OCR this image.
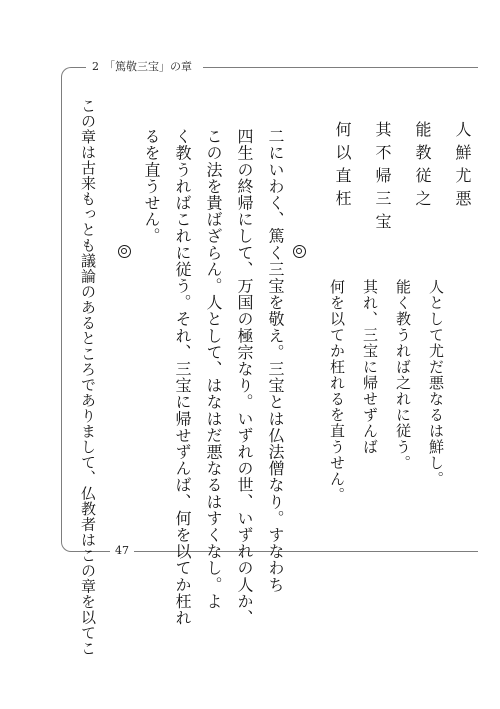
2 「篤敬三宝」の章
人鮮尤悪
能教従之
其不帰三宝
何以直枉
人として尤だ悪なるは鮮し。
能く教うれば之れに従う。
其れ、三宝に帰せずんば
何を以てか枉れるを直うせん。
二にいわく、篤く三宝を敬え。三宝とは仏法僧なり。すなわち
四生の終帰にして、万国の極宗なり。いずれの世、いずれの人か、
この法を貴ばざらん。人として、はなはだ悪なるはすくなし。よ
く教うればこれに従う。それ、三宝に帰せずんば、何を以てか枉れ
るを直うせん。
この章は古来もっとも議論のあるところでありまして、仏教者はこの章を以てこ	47
